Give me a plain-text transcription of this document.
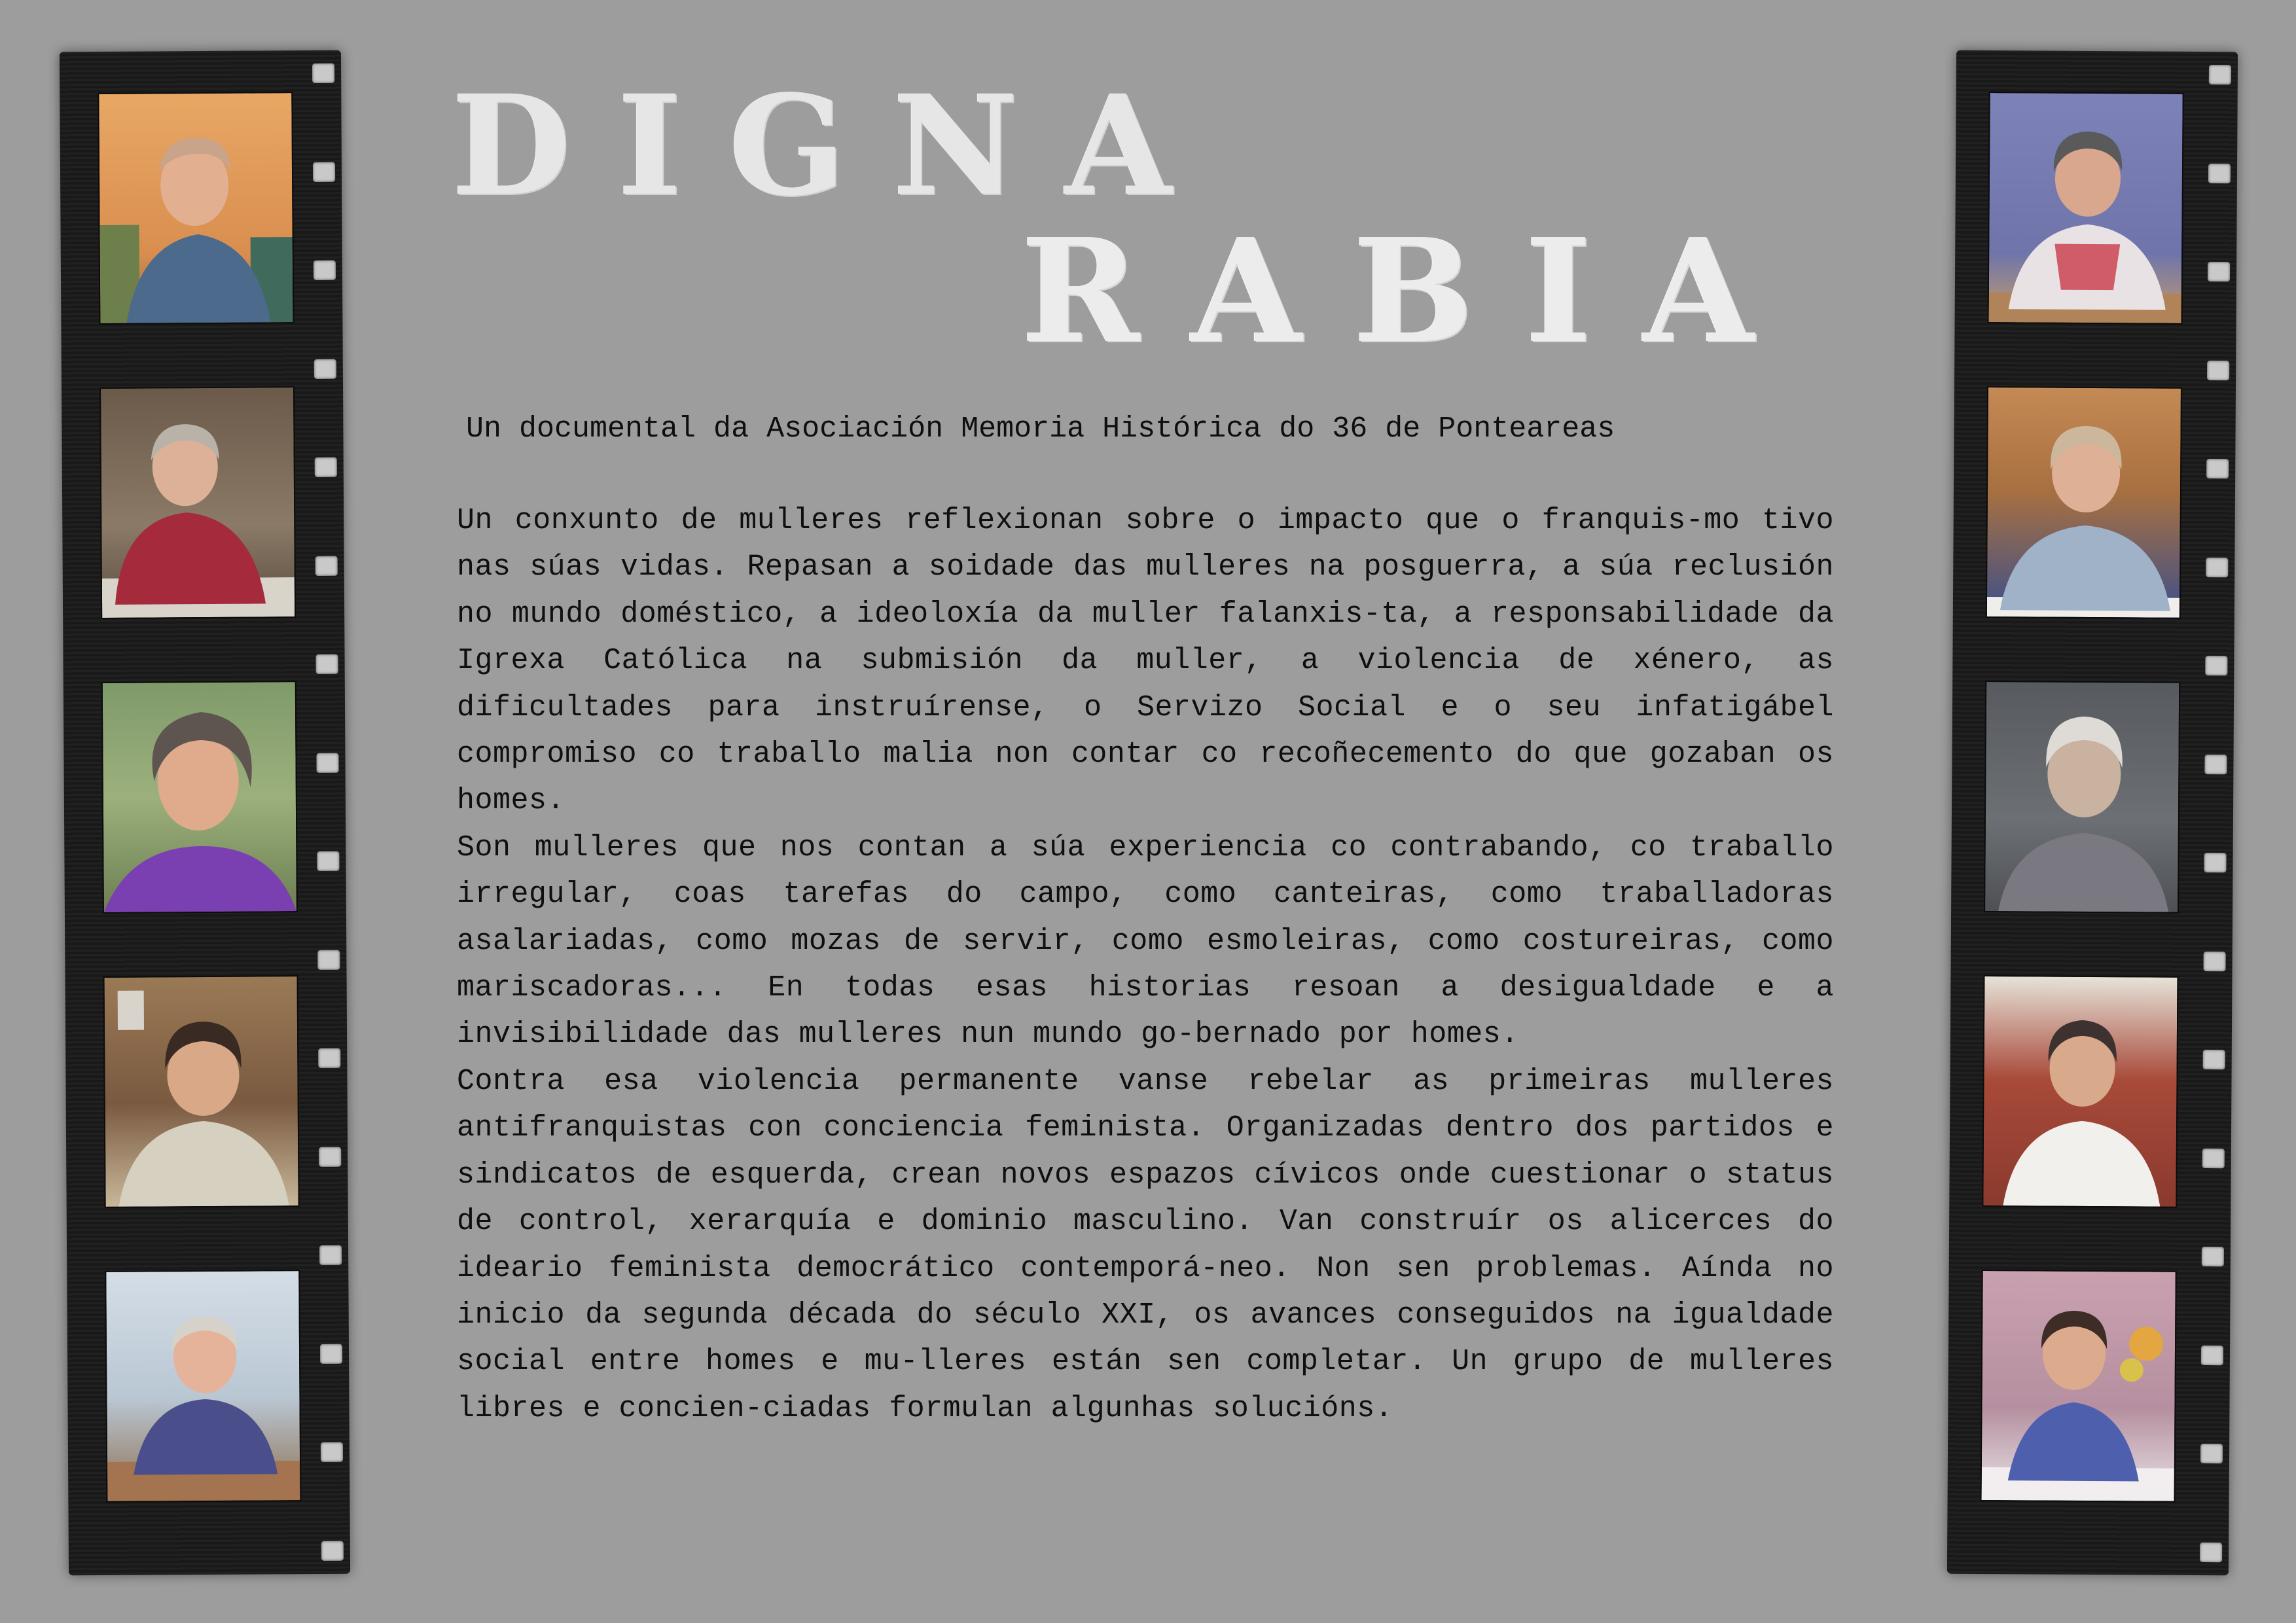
DIGNA
RABIA

Un documental da Asociación Memoria Histórica do 36 de Ponteareas

Un conxunto de mulleres reflexionan sobre o impacto que o franquis-mo tivo nas súas vidas. Repasan a soidade das mulleres na posguerra, a súa reclusión no mundo doméstico, a ideoloxía da muller falanxis-ta, a responsabilidade da Igrexa Católica na submisión da muller, a violencia de xénero, as dificultades para instruírense, o Servizo Social e o seu infatigábel compromiso co traballo malia non contar co recoñecemento do que gozaban os homes.

Son mulleres que nos contan a súa experiencia co contrabando, co traballo irregular, coas tarefas do campo, como canteiras, como traballadoras asalariadas, como mozas de servir, como esmoleiras, como costureiras, como mariscadoras... En todas esas historias resoan a desigualdade e a invisibilidade das mulleres nun mundo go-bernado por homes.

Contra esa violencia permanente vanse rebelar as primeiras mulleres antifranquistas con conciencia feminista. Organizadas dentro dos partidos e sindicatos de esquerda, crean novos espazos cívicos onde cuestionar o status de control, xerarquía e dominio masculino. Van construír os alicerces do ideario feminista democrático contemporá-neo. Non sen problemas. Aínda no inicio da segunda década do século XXI, os avances conseguidos na igualdade social entre homes e mu-lleres están sen completar. Un grupo de mulleres libres e concien-ciadas formulan algunhas solucións.
